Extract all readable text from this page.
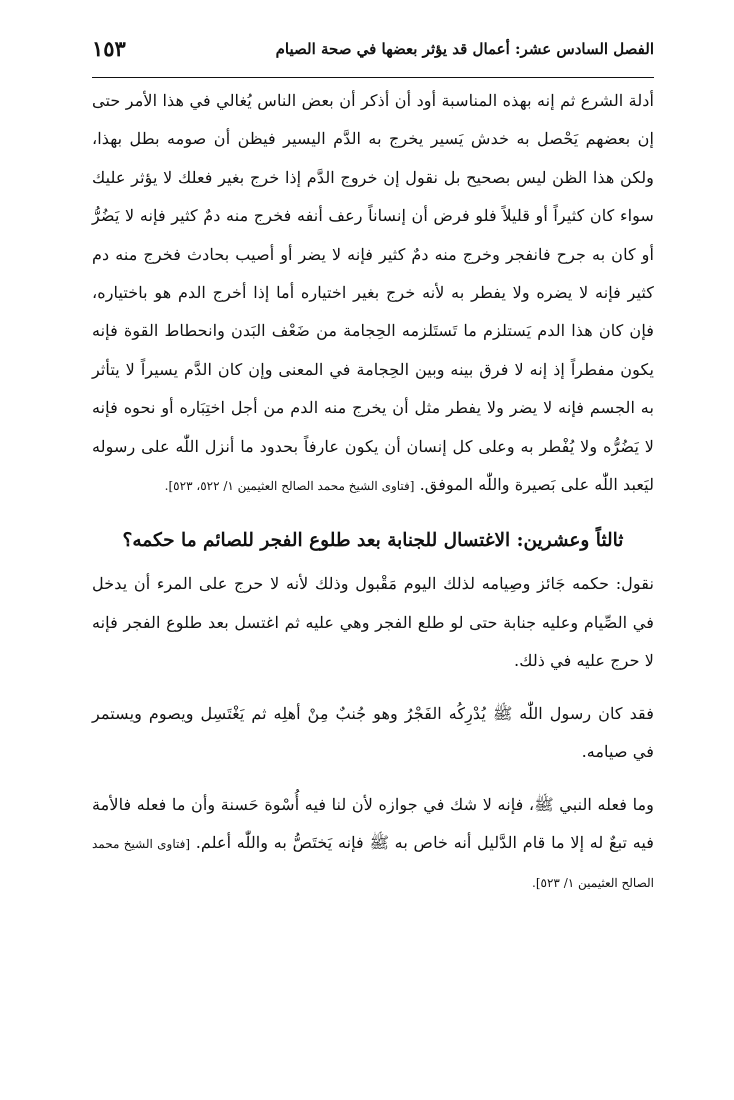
الفصل السادس عشر: أعمال قد يؤثر بعضها في صحة الصيام
١٥٣

أدلة الشرع ثم إنه بهذه المناسبة أود أن أذكر أن بعض الناس يُغالي في هذا الأمر حتى إن بعضهم يَحْصل به خدش يَسير يخرج به الدَّم اليسير فيظن أن صومه بطل بهذا، ولكن هذا الظن ليس بصحيح بل نقول إن خروج الدَّم إذا خرج بغير فعلك لا يؤثر عليك سواء كان كثيراً أو قليلاً فلو فرض أن إنساناً رعف أنفه فخرج منه دمٌ كثير فإنه لا يَضُرُّ أو كان به جرح فانفجر وخرج منه دمٌ كثير فإنه لا يضر أو أصيب بحادث فخرج منه دم كثير فإنه لا يضره ولا يفطر به لأنه خرج بغير اختياره أما إذا أخرج الدم هو باختياره، فإن كان هذا الدم يَستلزم ما تَستَلزمه الحِجامة من ضَعْف البَدن وانحطاط القوة فإنه يكون مفطراً إذ إنه لا فرق بينه وبين الحِجامة في المعنى وإن كان الدَّم يسيراً لا يتأثر به الجسم فإنه لا يضر ولا يفطر مثل أن يخرج منه الدم من أجل اختِبَاره أو نحوه فإنه لا يَضُرُّه ولا يُفْطر به وعلى كل إنسان أن يكون عارفاً بحدود ما أنزل اللّٰه على رسوله ليَعبد اللّٰه على بَصيرة واللّٰه الموفق. [فتاوى الشيخ محمد الصالح العثيمين ١/ ٥٢٢، ٥٢٣].

ثالثاً وعشرين: الاغتسال للجنابة بعد طلوع الفجر للصائم ما حكمه؟

نقول: حكمه جَائز وصِيامه لذلك اليوم مَقْبول وذلك لأنه لا حرج على المرء أن يدخل في الصِّيام وعليه جنابة حتى لو طلع الفجر وهي عليه ثم اغتسل بعد طلوع الفجر فإنه لا حرج عليه في ذلك.

فقد كان رسول اللّٰه ﷺ يُدْرِكُه الفَجْرُ وهو جُنبٌ مِنْ أهلِه ثم يَغْتَسِل ويصوم ويستمر في صيامه.

وما فعله النبي ﷺ، فإنه لا شك في جوازه لأن لنا فيه أُسْوة حَسنة وأن ما فعله فالأمة فيه تبعٌ له إلا ما قام الدَّليل أنه خاص به ﷺ فإنه يَختَصُّ به واللّٰه أعلم. [فتاوى الشيخ محمد الصالح العثيمين ١/ ٥٢٣].
